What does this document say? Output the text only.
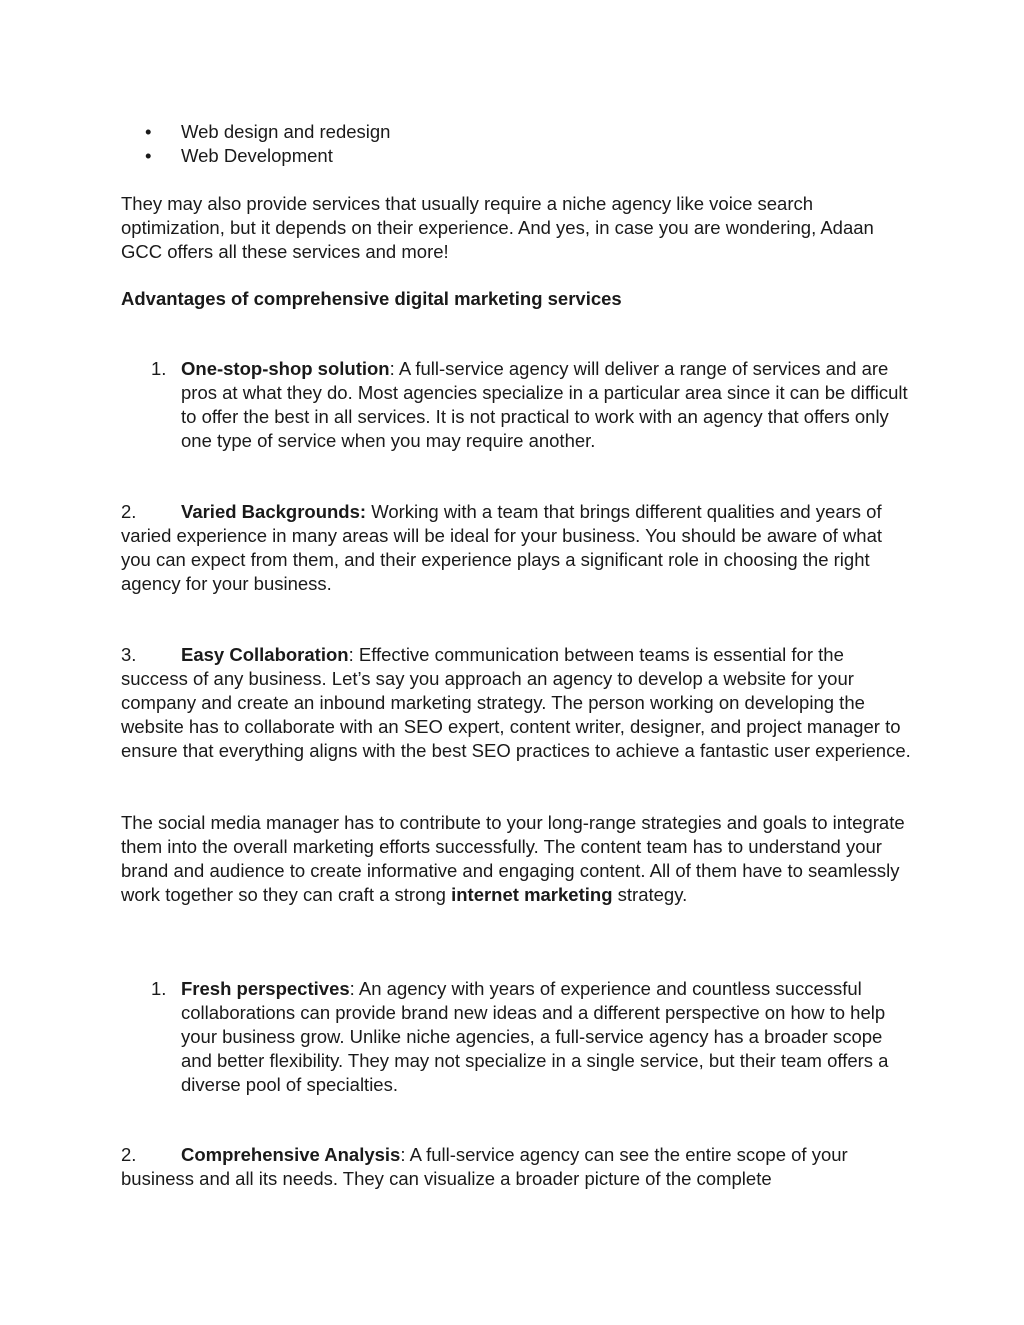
• Web design and redesign
• Web Development

They may also provide services that usually require a niche agency like voice search optimization, but it depends on their experience. And yes, in case you are wondering, Adaan GCC offers all these services and more!

Advantages of comprehensive digital marketing services

1. One-stop-shop solution: A full-service agency will deliver a range of services and are pros at what they do. Most agencies specialize in a particular area since it can be difficult to offer the best in all services. It is not practical to work with an agency that offers only one type of service when you may require another.

2. Varied Backgrounds: Working with a team that brings different qualities and years of varied experience in many areas will be ideal for your business. You should be aware of what you can expect from them, and their experience plays a significant role in choosing the right agency for your business.

3. Easy Collaboration: Effective communication between teams is essential for the success of any business. Let’s say you approach an agency to develop a website for your company and create an inbound marketing strategy. The person working on developing the website has to collaborate with an SEO expert, content writer, designer, and project manager to ensure that everything aligns with the best SEO practices to achieve a fantastic user experience.

The social media manager has to contribute to your long-range strategies and goals to integrate them into the overall marketing efforts successfully. The content team has to understand your brand and audience to create informative and engaging content. All of them have to seamlessly work together so they can craft a strong internet marketing strategy.

1. Fresh perspectives: An agency with years of experience and countless successful collaborations can provide brand new ideas and a different perspective on how to help your business grow. Unlike niche agencies, a full-service agency has a broader scope and better flexibility. They may not specialize in a single service, but their team offers a diverse pool of specialties.

2. Comprehensive Analysis: A full-service agency can see the entire scope of your business and all its needs. They can visualize a broader picture of the complete
